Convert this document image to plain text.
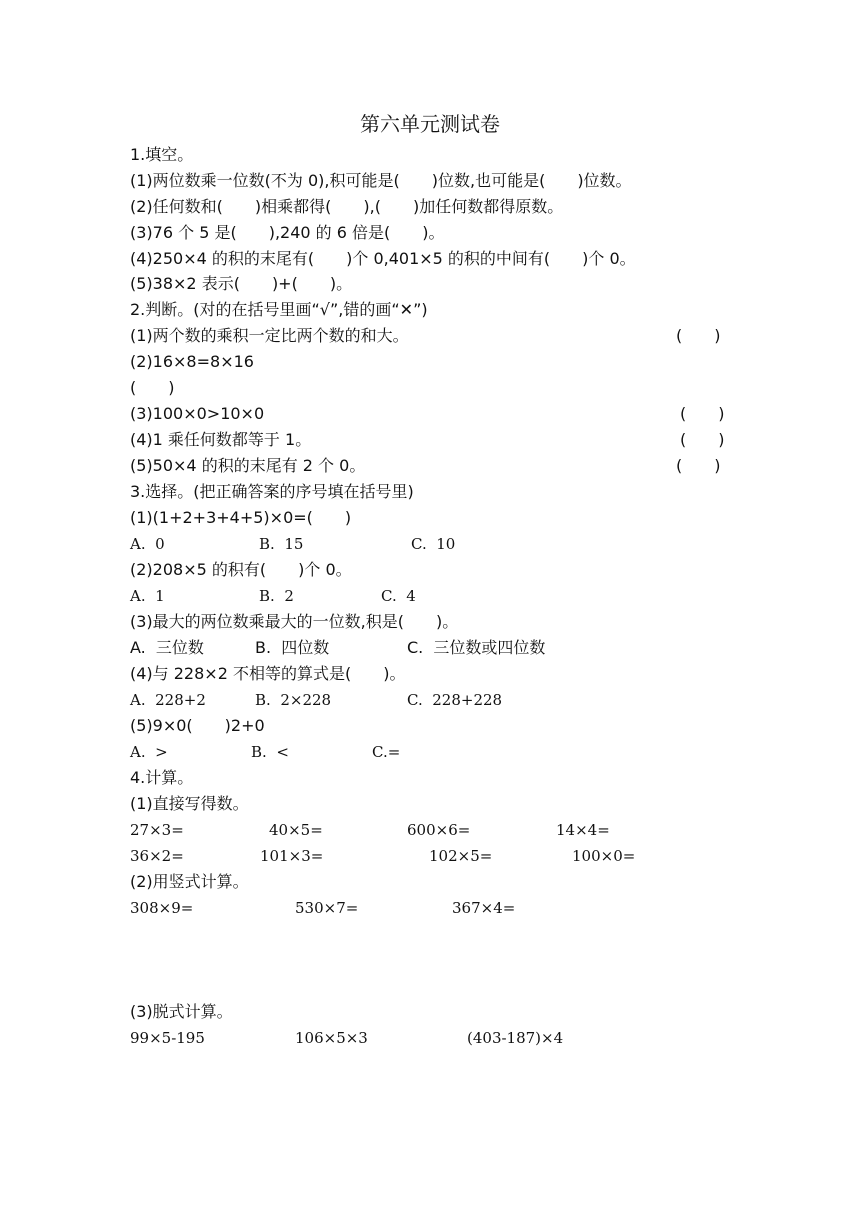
第六单元测试卷
1.填空。
(1)两位数乘一位数(不为 0),积可能是(　　)位数,也可能是(　　)位数。
(2)任何数和(　　)相乘都得(　　),(　　)加任何数都得原数。
(3)76 个 5 是(　　),240 的 6 倍是(　　)。
(4)250×4 的积的末尾有(　　)个 0,401×5 的积的中间有(　　)个 0。
(5)38×2 表示(　　)+(　　)。
2.判断。(对的在括号里画“√”,错的画“✕”)
(1)两个数的乘积一定比两个数的和大。	(　　)
(2)16×8=8×16
(　　)
(3)100×0>10×0	(　　)
(4)1 乘任何数都等于 1。	(　　)
(5)50×4 的积的末尾有 2 个 0。	(　　)
3.选择。(把正确答案的序号填在括号里)
(1)(1+2+3+4+5)×0=(　　)
A.  0	B.  15	C.  10
(2)208×5 的积有(　　)个 0。
A.  1	B.  2	C.  4
(3)最大的两位数乘最大的一位数,积是(　　)。
A.  三位数	B.  四位数	C.  三位数或四位数
(4)与 228×2 不相等的算式是(　　)。
A.  228+2	B.  2×228	C.  228+228
(5)9×0(　　)2+0
A.  >	B.  <	C.=
4.计算。
(1)直接写得数。
27×3=	40×5=	600×6=	14×4=
36×2=	101×3=	102×5=	100×0=
(2)用竖式计算。
308×9=	530×7=	367×4=
(3)脱式计算。
99×5-195	106×5×3	(403-187)×4
